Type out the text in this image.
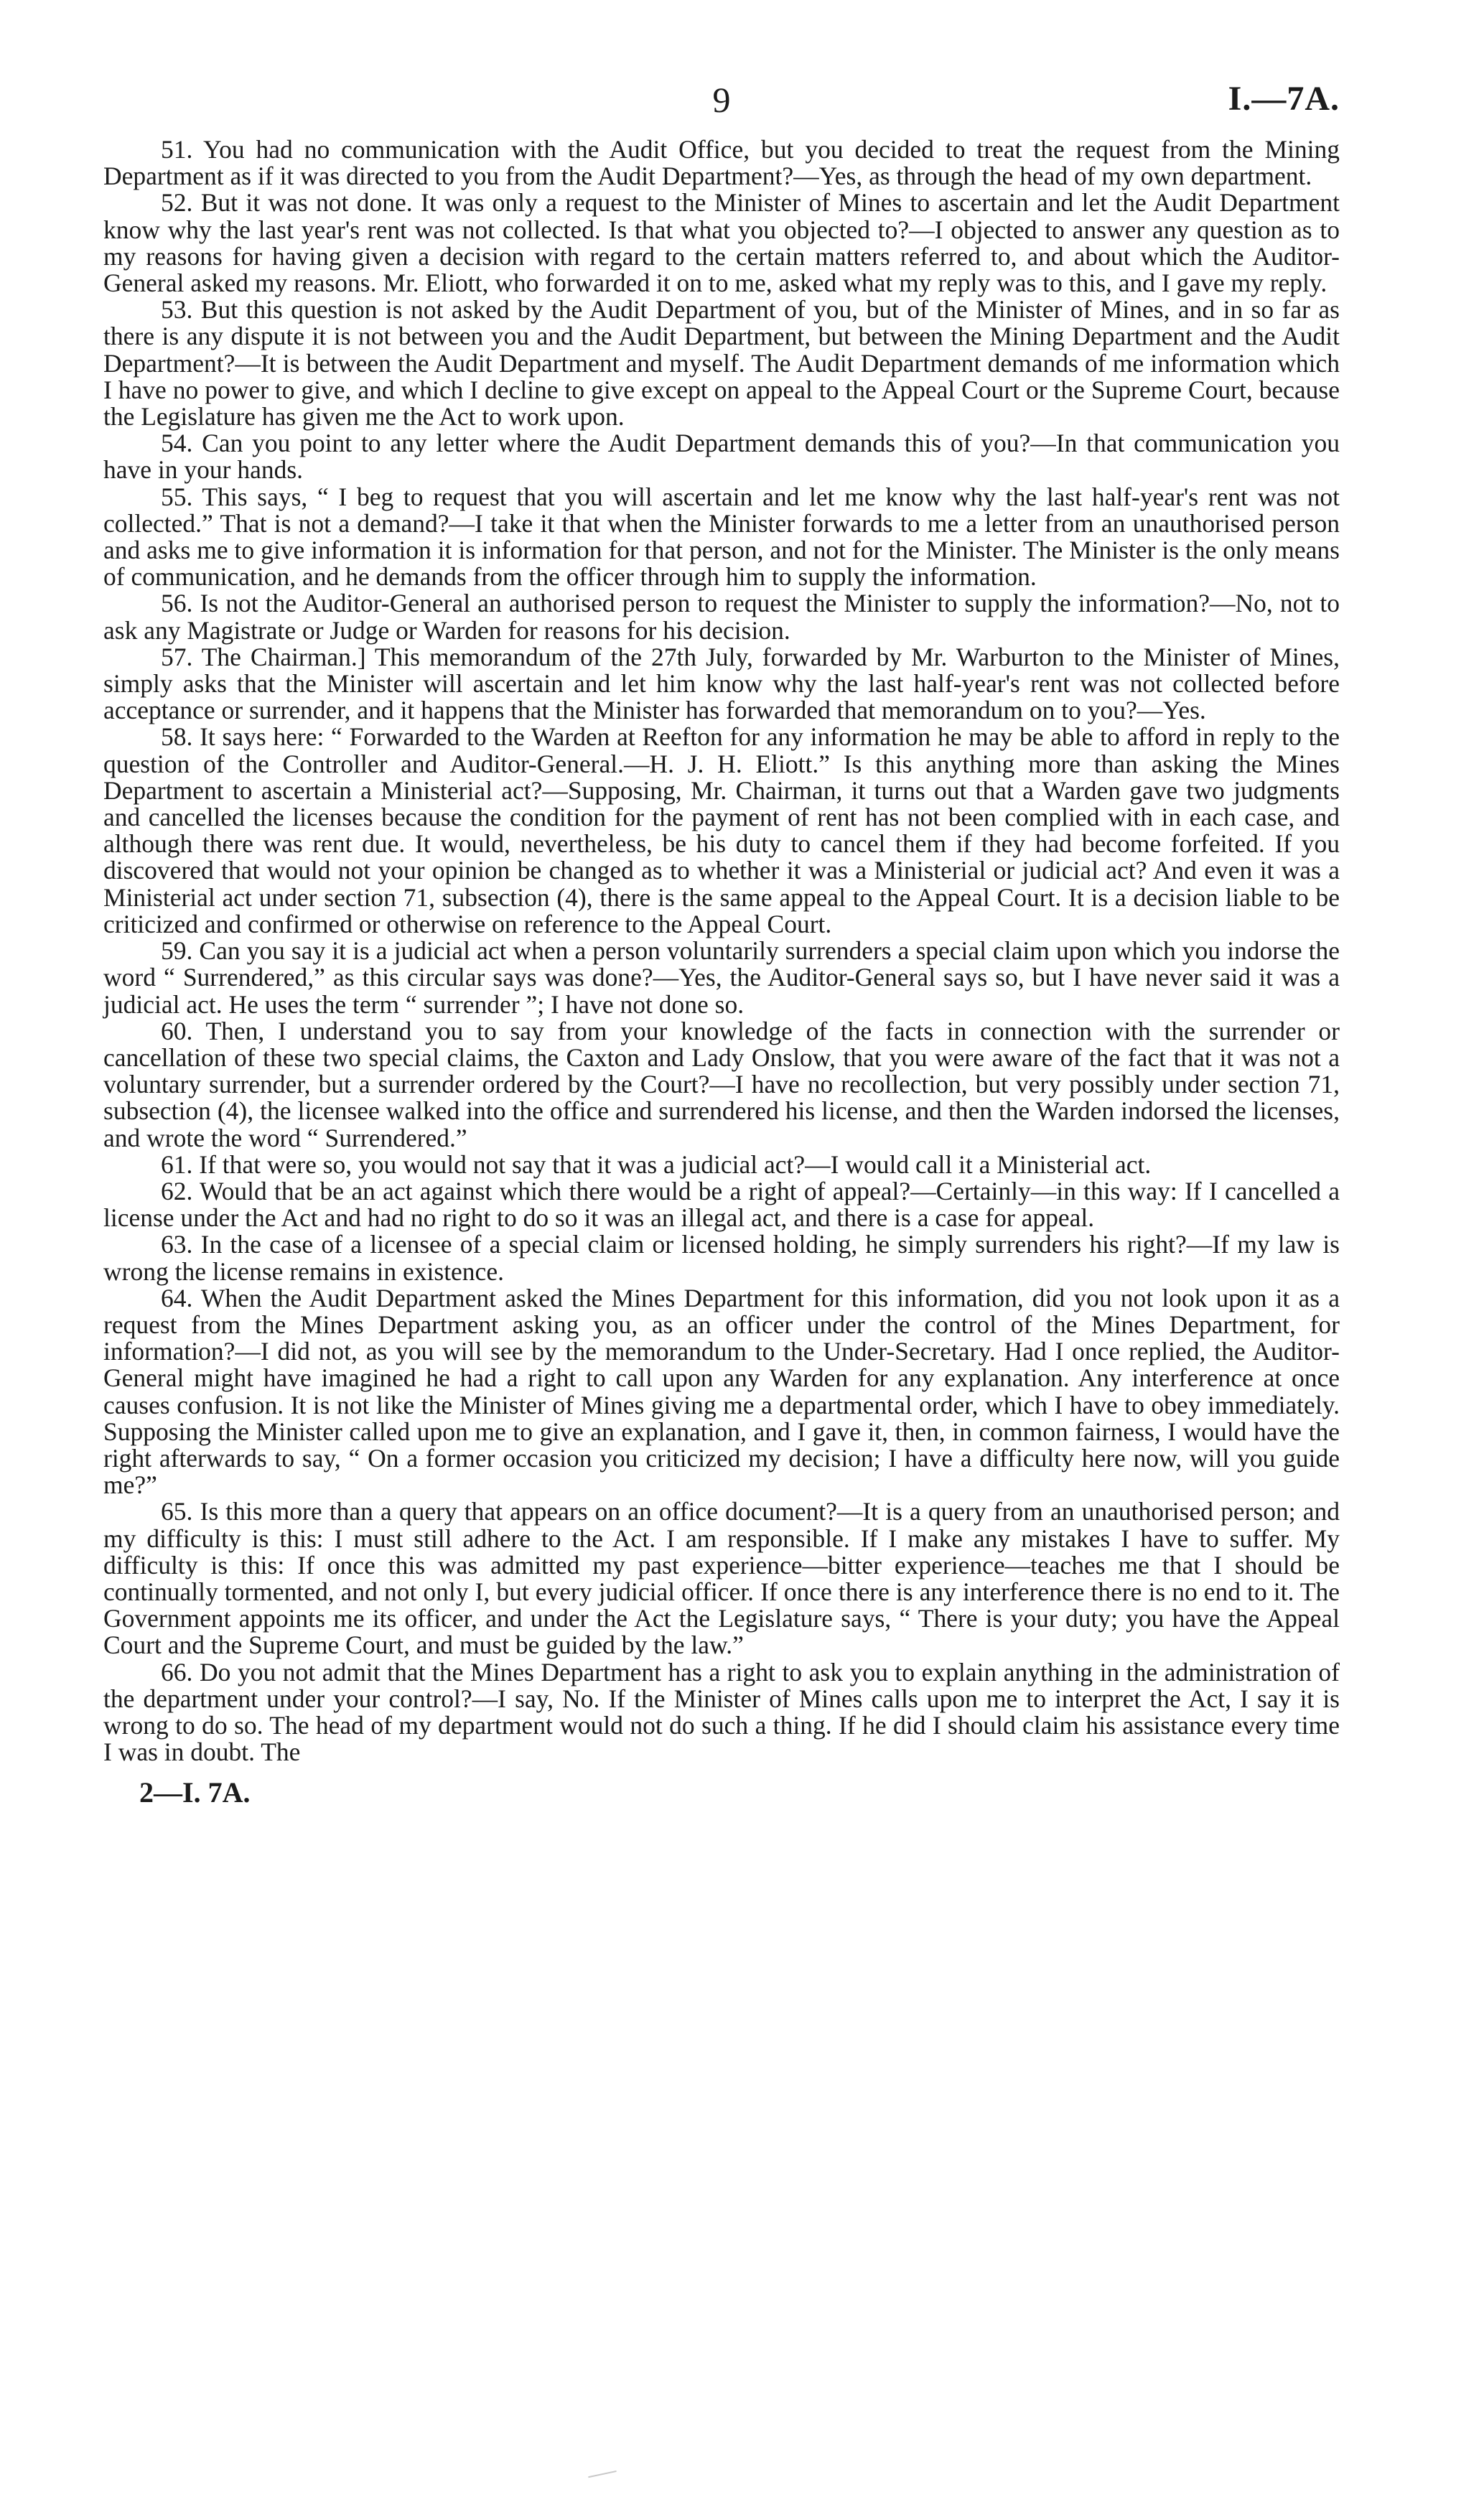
9	I.—7A.

51. You had no communication with the Audit Office, but you decided to treat the request from the Mining Department as if it was directed to you from the Audit Department?—Yes, as through the head of my own department.

52. But it was not done. It was only a request to the Minister of Mines to ascertain and let the Audit Department know why the last year's rent was not collected. Is that what you objected to?—I objected to answer any question as to my reasons for having given a decision with regard to the certain matters referred to, and about which the Auditor-General asked my reasons. Mr. Eliott, who forwarded it on to me, asked what my reply was to this, and I gave my reply.

53. But this question is not asked by the Audit Department of you, but of the Minister of Mines, and in so far as there is any dispute it is not between you and the Audit Department, but between the Mining Department and the Audit Department?—It is between the Audit Department and myself. The Audit Department demands of me information which I have no power to give, and which I decline to give except on appeal to the Appeal Court or the Supreme Court, because the Legislature has given me the Act to work upon.

54. Can you point to any letter where the Audit Department demands this of you?—In that communication you have in your hands.

55. This says, “ I beg to request that you will ascertain and let me know why the last half-year's rent was not collected.” That is not a demand?—I take it that when the Minister forwards to me a letter from an unauthorised person and asks me to give information it is information for that person, and not for the Minister. The Minister is the only means of communication, and he demands from the officer through him to supply the information.

56. Is not the Auditor-General an authorised person to request the Minister to supply the information?—No, not to ask any Magistrate or Judge or Warden for reasons for his decision.

57. The Chairman.] This memorandum of the 27th July, forwarded by Mr. Warburton to the Minister of Mines, simply asks that the Minister will ascertain and let him know why the last half-year's rent was not collected before acceptance or surrender, and it happens that the Minister has forwarded that memorandum on to you?—Yes.

58. It says here: “ Forwarded to the Warden at Reefton for any information he may be able to afford in reply to the question of the Controller and Auditor-General.—H. J. H. Eliott.” Is this anything more than asking the Mines Department to ascertain a Ministerial act?—Supposing, Mr. Chairman, it turns out that a Warden gave two judgments and cancelled the licenses because the condition for the payment of rent has not been complied with in each case, and although there was rent due. It would, nevertheless, be his duty to cancel them if they had become forfeited. If you discovered that would not your opinion be changed as to whether it was a Ministerial or judicial act? And even it was a Ministerial act under section 71, subsection (4), there is the same appeal to the Appeal Court. It is a decision liable to be criticized and confirmed or otherwise on reference to the Appeal Court.

59. Can you say it is a judicial act when a person voluntarily surrenders a special claim upon which you indorse the word “ Surrendered,” as this circular says was done?—Yes, the Auditor-General says so, but I have never said it was a judicial act. He uses the term “ surrender ”; I have not done so.

60. Then, I understand you to say from your knowledge of the facts in connection with the surrender or cancellation of these two special claims, the Caxton and Lady Onslow, that you were aware of the fact that it was not a voluntary surrender, but a surrender ordered by the Court?—I have no recollection, but very possibly under section 71, subsection (4), the licensee walked into the office and surrendered his license, and then the Warden indorsed the licenses, and wrote the word “ Surrendered.”

61. If that were so, you would not say that it was a judicial act?—I would call it a Ministerial act.

62. Would that be an act against which there would be a right of appeal?—Certainly—in this way: If I cancelled a license under the Act and had no right to do so it was an illegal act, and there is a case for appeal.

63. In the case of a licensee of a special claim or licensed holding, he simply surrenders his right?—If my law is wrong the license remains in existence.

64. When the Audit Department asked the Mines Department for this information, did you not look upon it as a request from the Mines Department asking you, as an officer under the control of the Mines Department, for information?—I did not, as you will see by the memorandum to the Under-Secretary. Had I once replied, the Auditor-General might have imagined he had a right to call upon any Warden for any explanation. Any interference at once causes confusion. It is not like the Minister of Mines giving me a departmental order, which I have to obey immediately. Supposing the Minister called upon me to give an explanation, and I gave it, then, in common fairness, I would have the right afterwards to say, “ On a former occasion you criticized my decision; I have a difficulty here now, will you guide me?”

65. Is this more than a query that appears on an office document?—It is a query from an unauthorised person; and my difficulty is this: I must still adhere to the Act. I am responsible. If I make any mistakes I have to suffer. My difficulty is this: If once this was admitted my past experience—bitter experience—teaches me that I should be continually tormented, and not only I, but every judicial officer. If once there is any interference there is no end to it. The Government appoints me its officer, and under the Act the Legislature says, “ There is your duty; you have the Appeal Court and the Supreme Court, and must be guided by the law.”

66. Do you not admit that the Mines Department has a right to ask you to explain anything in the administration of the department under your control?—I say, No. If the Minister of Mines calls upon me to interpret the Act, I say it is wrong to do so. The head of my department would not do such a thing. If he did I should claim his assistance every time I was in doubt. The

2—I. 7A.
